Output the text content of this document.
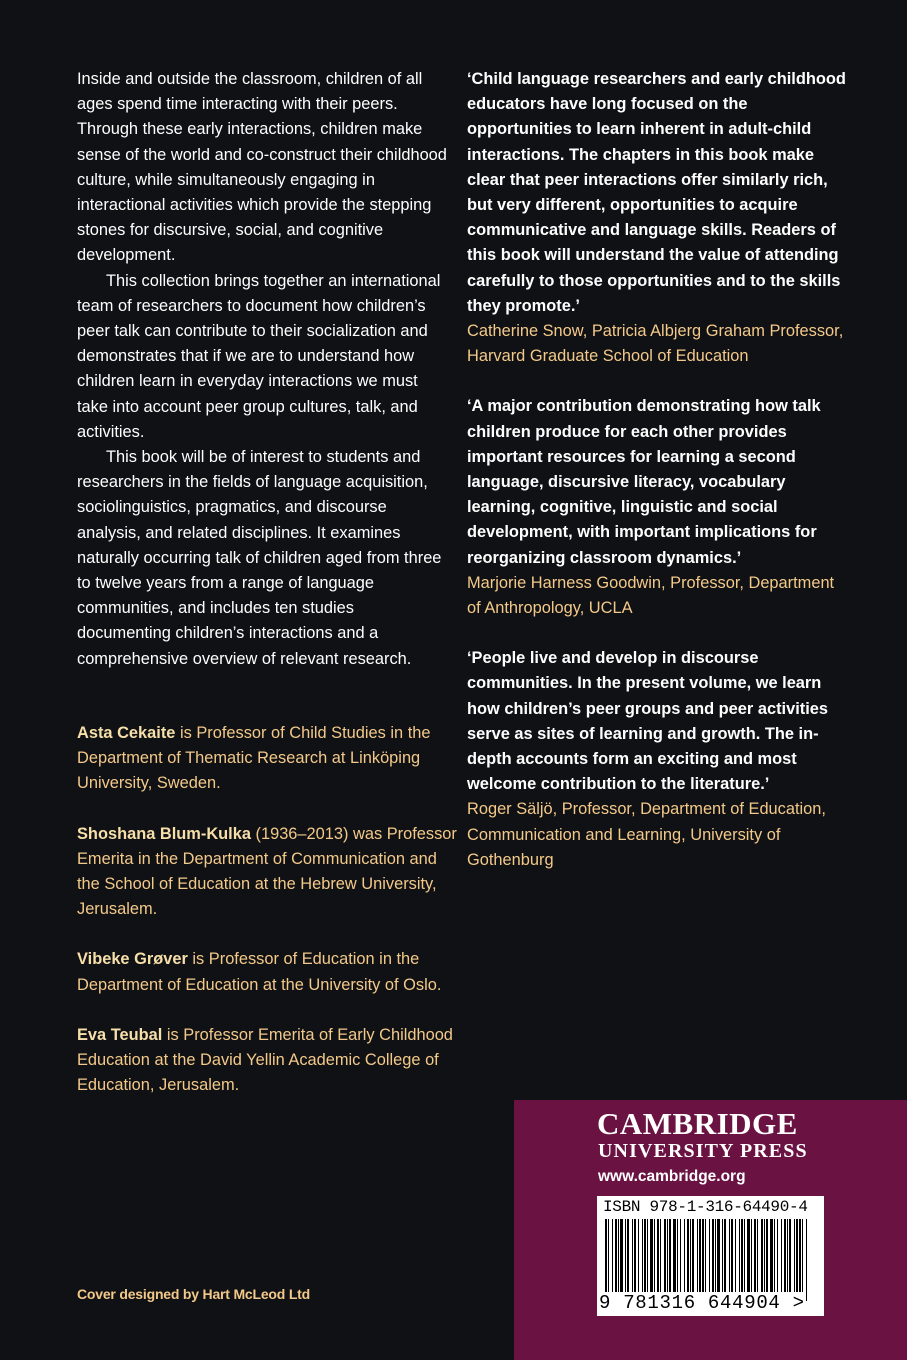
Inside and outside the classroom, children of all ages spend time interacting with their peers. Through these early interactions, children make sense of the world and co-construct their childhood culture, while simultaneously engaging in interactional activities which provide the stepping stones for discursive, social, and cognitive development.

This collection brings together an international team of researchers to document how children’s peer talk can contribute to their socialization and demonstrates that if we are to understand how children learn in everyday interactions we must take into account peer group cultures, talk, and activities.

This book will be of interest to students and researchers in the fields of language acquisition, sociolinguistics, pragmatics, and discourse analysis, and related disciplines. It examines naturally occurring talk of children aged from three to twelve years from a range of language communities, and includes ten studies documenting children’s interactions and a comprehensive overview of relevant research.

‘Child language researchers and early childhood educators have long focused on the opportunities to learn inherent in adult-child interactions. The chapters in this book make clear that peer interactions offer similarly rich, but very different, opportunities to acquire communicative and language skills. Readers of this book will understand the value of attending carefully to those opportunities and to the skills they promote.’

Catherine Snow, Patricia Albjerg Graham Professor, Harvard Graduate School of Education

‘A major contribution demonstrating how talk children produce for each other provides important resources for learning a second language, discursive literacy, vocabulary learning, cognitive, linguistic and social development, with important implications for reorganizing classroom dynamics.’

Marjorie Harness Goodwin, Professor, Department of Anthropology, UCLA

‘People live and develop in discourse communities. In the present volume, we learn how children’s peer groups and peer activities serve as sites of learning and growth. The in-depth accounts form an exciting and most welcome contribution to the literature.’

Roger Säljö, Professor, Department of Education, Communication and Learning, University of Gothenburg

Asta Cekaite is Professor of Child Studies in the Department of Thematic Research at Linköping University, Sweden.

Shoshana Blum-Kulka (1936–2013) was Professor Emerita in the Department of Communication and the School of Education at the Hebrew University, Jerusalem.

Vibeke Grøver is Professor of Education in the Department of Education at the University of Oslo.

Eva Teubal is Professor Emerita of Early Childhood Education at the David Yellin Academic College of Education, Jerusalem.

Cover designed by Hart McLeod Ltd
CAMBRIDGE
UNIVERSITY PRESS
www.cambridge.org
ISBN 978-1-316-64490-4
9 781316 644904 >
